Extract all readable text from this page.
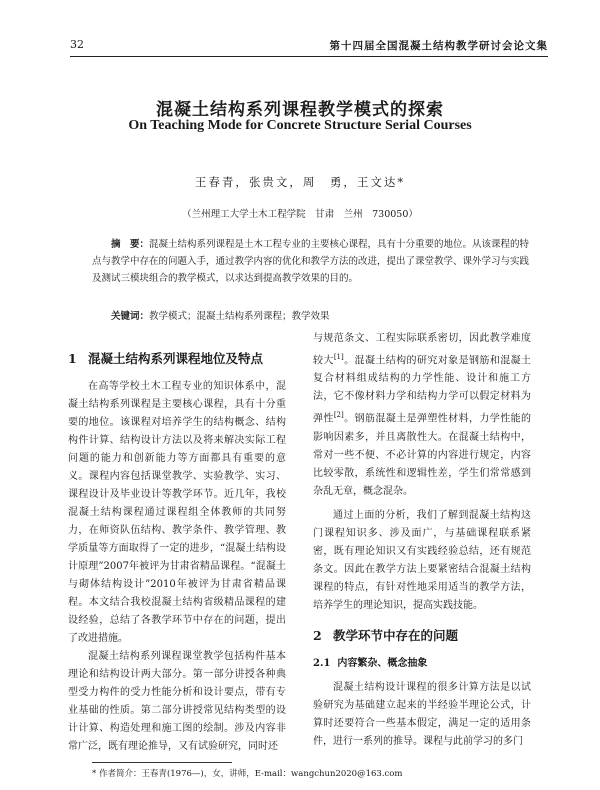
32	第十四届全国混凝土结构教学研讨会论文集
混凝土结构系列课程教学模式的探索
On Teaching Mode for Concrete Structure Serial Courses
王春青，张贵文，周　勇，王文达*
（兰州理工大学土木工程学院　甘肃　兰州　730050）
摘　要：混凝土结构系列课程是土木工程专业的主要核心课程，具有十分重要的地位。从该课程的特点与教学中存在的问题入手，通过教学内容的优化和教学方法的改进，提出了课堂教学、课外学习与实践及测试三模块组合的教学模式，以求达到提高教学效果的目的。
关键词：教学模式；混凝土结构系列课程；教学效果
1 混凝土结构系列课程地位及特点

在高等学校土木工程专业的知识体系中，混凝土结构系列课程是主要核心课程，具有十分重要的地位。该课程对培养学生的结构概念、结构构件计算、结构设计方法以及将来解决实际工程问题的能力和创新能力等方面都具有重要的意义。课程内容包括课堂教学、实验教学、实习、课程设计及毕业设计等教学环节。近几年，我校混凝土结构课程通过课程组全体教师的共同努力，在师资队伍结构、教学条件、教学管理、教学质量等方面取得了一定的进步，“混凝土结构设计原理”2007年被评为甘肃省精品课程。“混凝土与砌体结构设计”2010年被评为甘肃省精品课程。本文结合我校混凝土结构省级精品课程的建设经验，总结了各教学环节中存在的问题，提出了改进措施。

混凝土结构系列课程课堂教学包括构件基本理论和结构设计两大部分。第一部分讲授各种典型受力构件的受力性能分析和设计要点，带有专业基础的性质。第二部分讲授常见结构类型的设计计算、构造处理和施工图的绘制。涉及内容非常广泛，既有理论推导，又有试验研究，同时还

与规范条文、工程实际联系密切，因此教学难度较大[1]。混凝土结构的研究对象是钢筋和混凝土复合材料组成结构的力学性能、设计和施工方法，它不像材料力学和结构力学可以假定材料为弹性[2]。钢筋混凝土是弹塑性材料，力学性能的影响因素多，并且离散性大。在混凝土结构中，常对一些不便、不必计算的内容进行规定，内容比较零散，系统性和逻辑性差，学生们常常感到杂乱无章，概念混杂。

通过上面的分析，我们了解到混凝土结构这门课程知识多、涉及面广，与基础课程联系紧密，既有理论知识又有实践经验总结，还有规范条文。因此在教学方法上要紧密结合混凝土结构课程的特点，有针对性地采用适当的教学方法，培养学生的理论知识，提高实践技能。

2 教学环节中存在的问题
2.1 内容繁杂、概念抽象

混凝土结构设计课程的很多计算方法是以试验研究为基础建立起来的半经验半理论公式，计算时还要符合一些基本假定，满足一定的适用条件，进行一系列的推导。课程与此前学习的多门

* 作者简介：王春青(1976—)，女，讲师，E-mail：wangchun2020@163.com
